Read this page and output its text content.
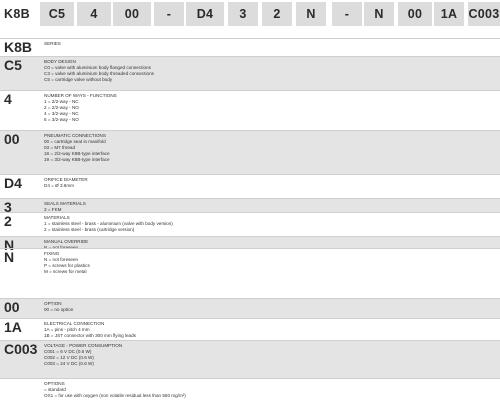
K8B	C5	4	00	-	D4	3	2	N	-	N	00	1A C003
K8B	SERIES
C5	BODY DESIGN
C0 = valve with aluminium body flanged connections
C3 = valve with aluminium body threaded connections
C5 = cartridge valve without body
4	NUMBER OF WAYS - FUNCTIONS
1 = 2/2-way - NC
2 = 2/2-way - NO
4 = 3/2-way - NC
5 = 3/2-way - NO
00	PNEUMATIC CONNECTIONS
00 = cartridge seat in manifold
03 = M7 thread
18 = 2/2-way K8B-type interface
19 = 3/2-way K8B-type interface
D4	ORIFICE DIAMETER
D4 = Ø 3.6mm
3	SEALS MATERIALS
3 = FKM
2	MATERIALS
1 = stainless steel - brass - aluminium (valve with body version)
2 = stainless steel - brass (cartridge version)
N	MANUAL OVERRIDE
N = not foreseen
N	FIXING
N = not foreseen
P = screws for plastics
M = screws for metal
00	OPTION
00 = no option
1A	ELECTRICAL CONNECTION
1A = pins - pitch 4 mm
1B = JST connector with 300 mm flying leads
C003 VOLTAGE - POWER CONSUMPTION
C001 = 6 V DC (0.6 W)
C002 = 12 V DC (0.6 W)
C003 = 24 V DC (0.6 W)
OPTIONS
= standard
OX1 = for use with oxygen (non volatile residual less than 550 mg/m²)
